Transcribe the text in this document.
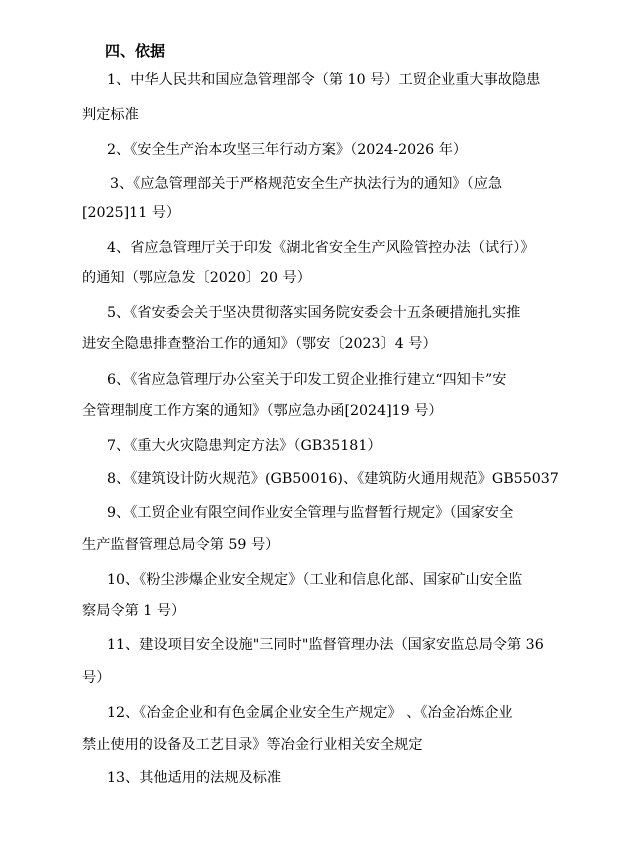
四、依据
1、中华人民共和国应急管理部令（第 10 号）工贸企业重大事故隐患
判定标准
2、《安全生产治本攻坚三年行动方案》（2024-2026 年）
3、《应急管理部关于严格规范安全生产执法行为的通知》（应急
[2025]11 号）
4、省应急管理厅关于印发《湖北省安全生产风险管控办法（试行）》
的通知（鄂应急发〔2020〕20 号）
5、《省安委会关于坚决贯彻落实国务院安委会十五条硬措施扎实推
进安全隐患排查整治工作的通知》（鄂安〔2023〕4 号）
6、《省应急管理厅办公室关于印发工贸企业推行建立“四知卡”安
全管理制度工作方案的通知》（鄂应急办函[2024]19 号）
7、《重大火灾隐患判定方法》（GB35181）
8、《建筑设计防火规范》(GB50016)、《建筑防火通用规范》GB55037
9、《工贸企业有限空间作业安全管理与监督暂行规定》（国家安全
生产监督管理总局令第 59 号）
10、《粉尘涉爆企业安全规定》（工业和信息化部、国家矿山安全监
察局令第 1 号）
11、建设项目安全设施"三同时"监督管理办法（国家安监总局令第 36
号）
12、《冶金企业和有色金属企业安全生产规定》 、《冶金冶炼企业
禁止使用的设备及工艺目录》等冶金行业相关安全规定
13、其他适用的法规及标准
